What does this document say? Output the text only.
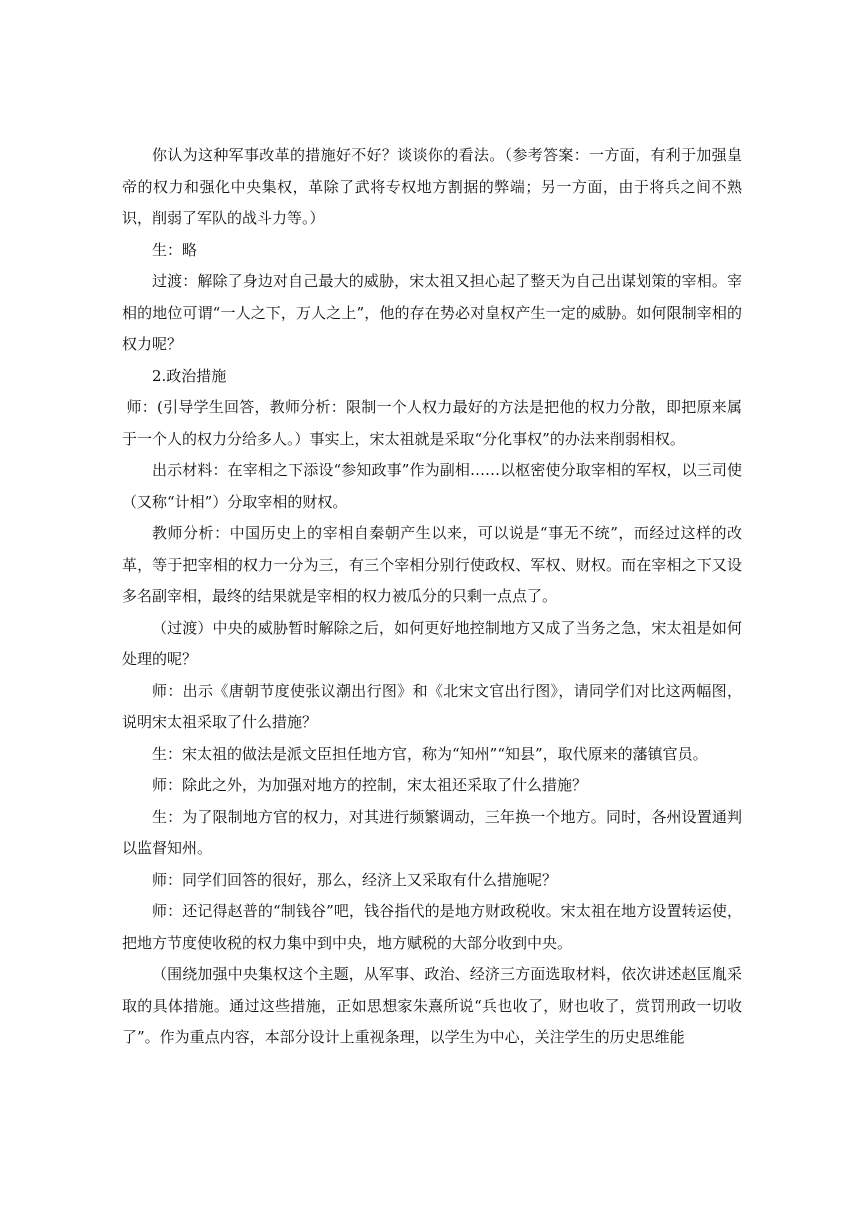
你认为这种军事改革的措施好不好？谈谈你的看法。（参考答案：一方面，有利于加强皇帝的权力和强化中央集权，革除了武将专权地方割据的弊端；另一方面，由于将兵之间不熟识，削弱了军队的战斗力等。）

生：略

过渡：解除了身边对自己最大的威胁，宋太祖又担心起了整天为自己出谋划策的宰相。宰相的地位可谓“一人之下，万人之上”，他的存在势必对皇权产生一定的威胁。如何限制宰相的权力呢？

2.政治措施

师：(引导学生回答，教师分析：限制一个人权力最好的方法是把他的权力分散，即把原来属于一个人的权力分给多人。）事实上，宋太祖就是采取“分化事权”的办法来削弱相权。

出示材料：在宰相之下添设“参知政事”作为副相……以枢密使分取宰相的军权，以三司使（又称“计相”）分取宰相的财权。

教师分析：中国历史上的宰相自秦朝产生以来，可以说是“事无不统”，而经过这样的改革，等于把宰相的权力一分为三，有三个宰相分别行使政权、军权、财权。而在宰相之下又设多名副宰相，最终的结果就是宰相的权力被瓜分的只剩一点点了。

（过渡）中央的威胁暂时解除之后，如何更好地控制地方又成了当务之急，宋太祖是如何处理的呢？

师：出示《唐朝节度使张议潮出行图》和《北宋文官出行图》，请同学们对比这两幅图，说明宋太祖采取了什么措施？

生：宋太祖的做法是派文臣担任地方官，称为“知州”“知县”，取代原来的藩镇官员。

师：除此之外，为加强对地方的控制，宋太祖还采取了什么措施？

生：为了限制地方官的权力，对其进行频繁调动，三年换一个地方。同时，各州设置通判以监督知州。

师：同学们回答的很好，那么，经济上又采取有什么措施呢？

师：还记得赵普的“制钱谷”吧，钱谷指代的是地方财政税收。宋太祖在地方设置转运使，把地方节度使收税的权力集中到中央，地方赋税的大部分收到中央。

（围绕加强中央集权这个主题，从军事、政治、经济三方面选取材料，依次讲述赵匡胤采取的具体措施。通过这些措施，正如思想家朱熹所说“兵也收了，财也收了，赏罚刑政一切收了”。作为重点内容，本部分设计上重视条理，以学生为中心，关注学生的历史思维能
